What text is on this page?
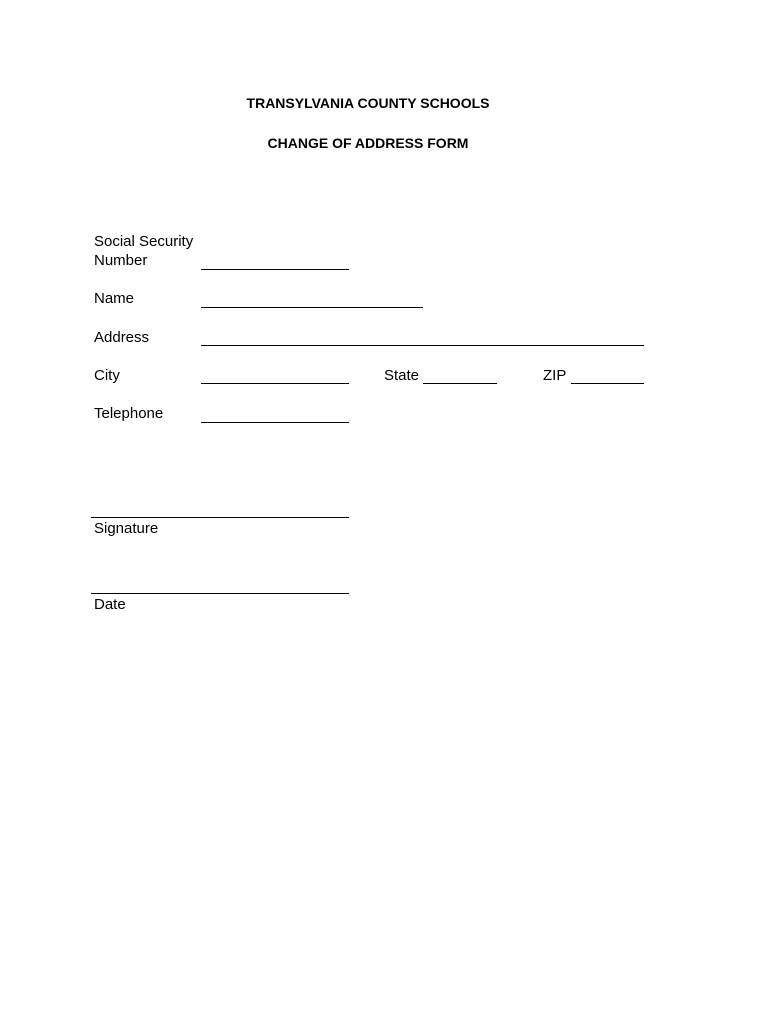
TRANSYLVANIA COUNTY SCHOOLS
CHANGE OF ADDRESS FORM
Social Security
Number
Name
Address
City	State	ZIP
Telephone
Signature
Date
